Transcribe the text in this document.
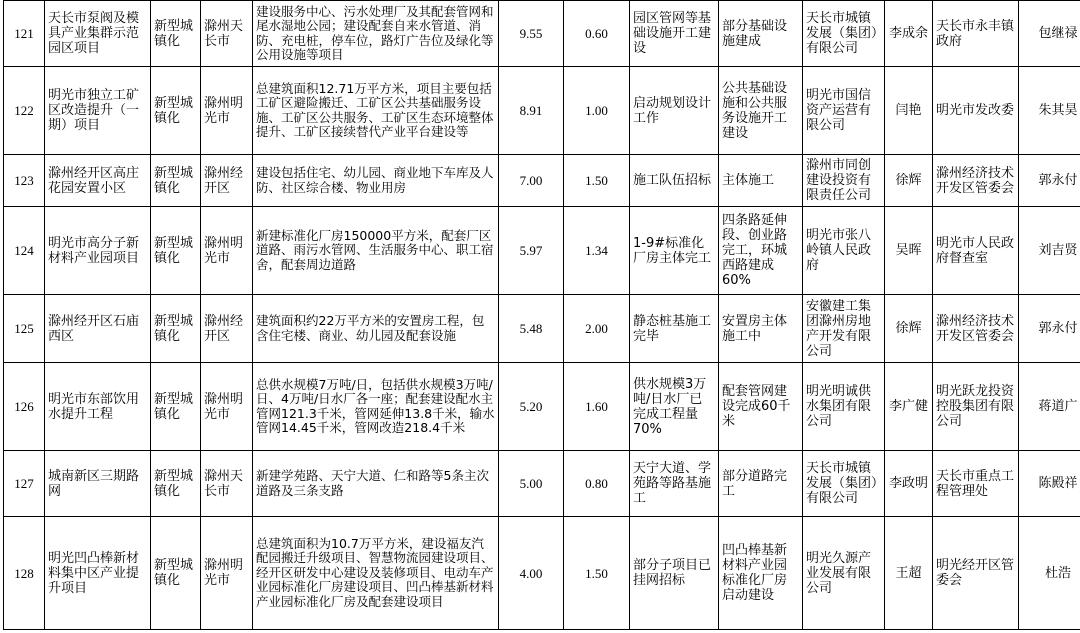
121	天长市泵阀及模具产业集群示范园区项目	新型城镇化	滁州天长市	建设服务中心、污水处理厂及其配套管网和尾水湿地公园；建设配套自来水管道、消防、充电桩，停车位，路灯广告位及绿化等公用设施等项目	9.55	0.60	园区管网等基础设施开工建设	部分基础设施建成	天长市城镇发展（集团）有限公司	李成余	天长市永丰镇政府	包继禄
122	明光市独立工矿区改造提升（一期）项目	新型城镇化	滁州明光市	总建筑面积12.71万平方米，项目主要包括工矿区避险搬迁、工矿区公共基础服务设施、工矿区公共服务、工矿区生态环境整体提升、工矿区接续替代产业平台建设等	8.91	1.00	启动规划设计工作	公共基础设施和公共服务设施开工建设	明光市国信资产运营有限公司	闫艳	明光市发改委	朱其昊
123	滁州经开区高庄花园安置小区	新型城镇化	滁州经开区	建设包括住宅、幼儿园、商业地下车库及人防、社区综合楼、物业用房	7.00	1.50	施工队伍招标	主体施工	滁州市同创建设投资有限责任公司	徐辉	滁州经济技术开发区管委会	郭永付
124	明光市高分子新材料产业园项目	新型城镇化	滁州明光市	新建标准化厂房150000平方米，配套厂区道路、雨污水管网、生活服务中心、职工宿舍，配套周边道路	5.97	1.34	1-9#标准化厂房主体完工	四条路延伸段、创业路完工，环城西路建成60%	明光市张八岭镇人民政府	吴晖	明光市人民政府督查室	刘吉贤
125	滁州经开区石庙西区	新型城镇化	滁州经开区	建筑面积约22万平方米的安置房工程，包含住宅楼、商业、幼儿园及配套设施	5.48	2.00	静态桩基施工完毕	安置房主体施工中	安徽建工集团滁州房地产开发有限公司	徐辉	滁州经济技术开发区管委会	郭永付
126	明光市东部饮用水提升工程	新型城镇化	滁州明光市	总供水规模7万吨/日，包括供水规模3万吨/日、4万吨/日水厂各一座；配套建设配水主管网121.3千米，管网延伸13.8千米，输水管网14.45千米，管网改造218.4千米	5.20	1.60	供水规模3万吨/日水厂已完成工程量70%	配套管网建设完成60千米	明光明诚供水集团有限公司	李广健	明光跃龙投资控股集团有限公司	蒋道广
127	城南新区三期路网	新型城镇化	滁州天长市	新建学苑路、天宁大道、仁和路等5条主次道路及三条支路	5.00	0.80	天宁大道、学苑路等路基施工	部分道路完工	天长市城镇发展（集团）有限公司	李政明	天长市重点工程管理处	陈殿祥
128	明光凹凸棒新材料集中区产业提升项目	新型城镇化	滁州明光市	总建筑面积为10.7万平方米，建设福友汽配园搬迁升级项目、智慧物流园建设项目、经开区研发中心建设及装修项目、电动车产业园标准化厂房建设项目、凹凸棒基新材料产业园标准化厂房及配套建设项目	4.00	1.50	部分子项目已挂网招标	凹凸棒基新材料产业园标准化厂房启动建设	明光久源产业发展有限公司	王超	明光经开区管委会	杜浩
